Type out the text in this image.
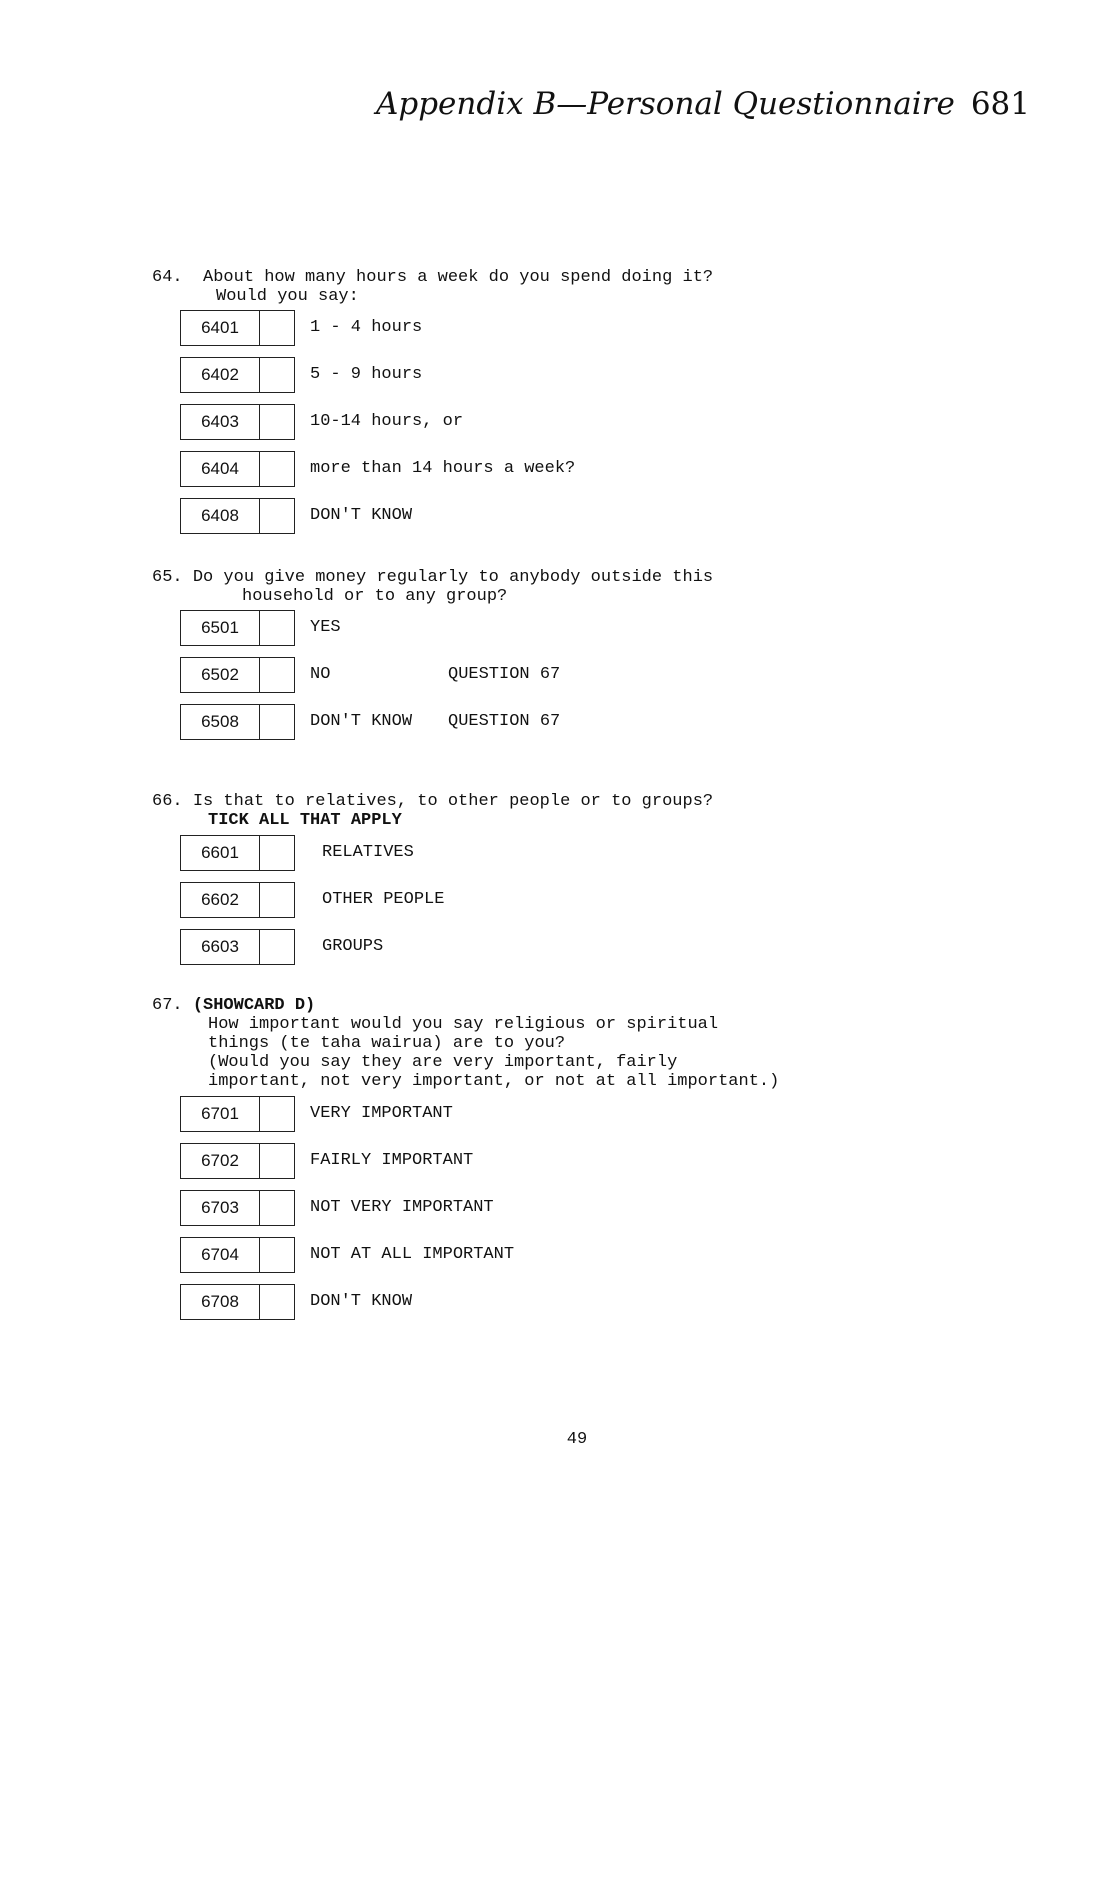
Appendix B—Personal Questionnaire 681
64. About how many hours a week do you spend doing it?
Would you say:
6401	1 - 4 hours
6402	5 - 9 hours
6403	10-14 hours, or
6404	more than 14 hours a week?
6408	DON'T KNOW
65. Do you give money regularly to anybody outside this
household or to any group?
6501	YES
6502	NO	QUESTION 67
6508	DON'T KNOW QUESTION 67
66. Is that to relatives, to other people or to groups?
TICK ALL THAT APPLY
6601	RELATIVES
6602	OTHER PEOPLE
6603	GROUPS
67. (SHOWCARD D)
How important would you say religious or spiritual
things (te taha wairua) are to you?
(Would you say they are very important, fairly
important, not very important, or not at all important.)
6701	VERY IMPORTANT
6702	FAIRLY IMPORTANT
6703	NOT VERY IMPORTANT
6704	NOT AT ALL IMPORTANT
6708	DON'T KNOW
49
